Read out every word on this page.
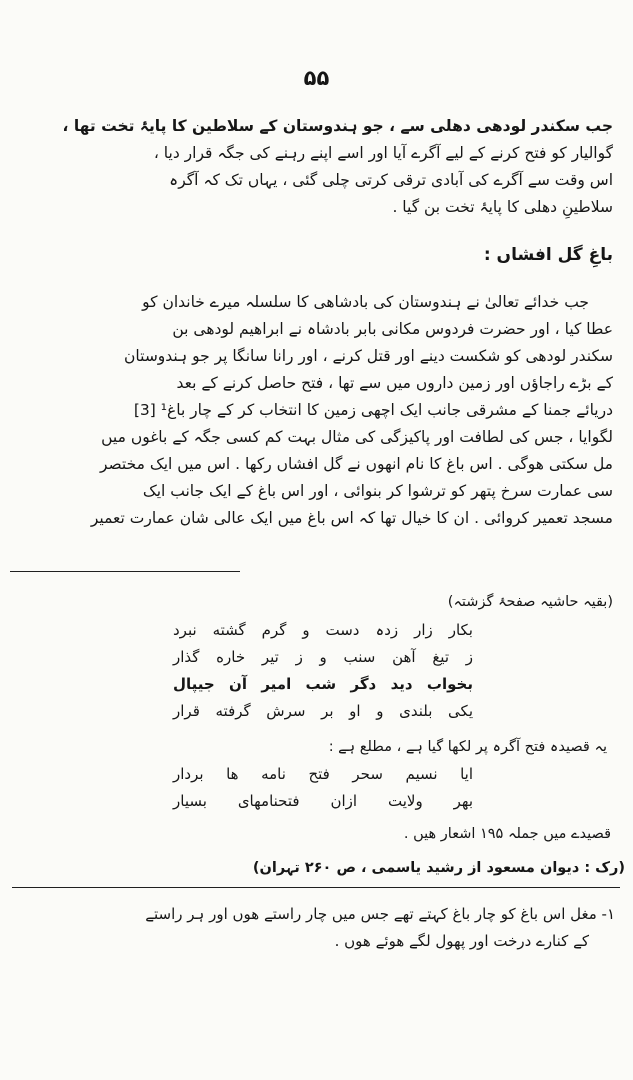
۵۵
جب سکندر لودھی دھلی سے ، جو ہندوستان کے سلاطین کا پایۂ تخت تھا ،
گوالیار کو فتح کرنے کے لیے آگرے آیا اور اسے اپنے رہنے کی جگہ قرار دیا ،
اس وقت سے آگرے کی آبادی ترقی کرتی چلی گئی ، یہاں تک کہ آگرہ
سلاطینِ دھلی کا پایۂ تخت بن گیا .
باغِ گل افشاں :
جب خدائے تعالیٰ نے ہندوستان کی بادشاھی کا سلسلہ میرے خاندان کو
عطا کیا ، اور حضرت فردوس مکانی بابر بادشاہ نے ابراھیم لودھی بن
سکندر لودھی کو شکست دینے اور قتل کرنے ، اور رانا سانگا پر جو ہندوستان
کے بڑے راجاؤں اور زمین داروں میں سے تھا ، فتح حاصل کرنے کے بعد
دریائے جمنا کے مشرقی جانب ایک اچھی زمین کا انتخاب کر کے چار باغ¹ [3]
لگوایا ، جس کی لطافت اور پاکیزگی کی مثال بہت کم کسی جگہ کے باغوں میں
مل سکتی ھوگی . اس باغ کا نام انھوں نے گل افشاں رکھا . اس میں ایک مختصر
سی عمارت سرخ پتھر کو ترشوا کر بنوائی ، اور اس باغ کے ایک جانب ایک
مسجد تعمیر کروائی . ان کا خیال تھا کہ اس باغ میں ایک عالی شان عمارت تعمیر
(بقیہ حاشیہ صفحۂ گزشتہ)
بکار زار زدہ دست و گرم گشته نبرد
ز تیغ آهن سنب و ز تیر خاره گذار
بخواب دید دگر شب امیر آن جیپال
یکی بلندی و او بر سرش گرفته قرار
یہ قصیدہ فتح آگرہ پر لکھا گیا ہے ، مطلع ہے :
ایا نسیم سحر فتح نامه ها بردار
بهر ولایت ازان فتحنامهای بسیار
قصیدے میں جملہ ۱۹۵ اشعار ھیں .
(رک : دیوان مسعود از رشید یاسمی ، ص ۲۶۰ تہران)
۱- مغل اس باغ کو چار باغ کہتے تھے جس میں چار راستے ھوں اور ہر راستے
کے کنارے درخت اور پھول لگے ھوئے ھوں .
